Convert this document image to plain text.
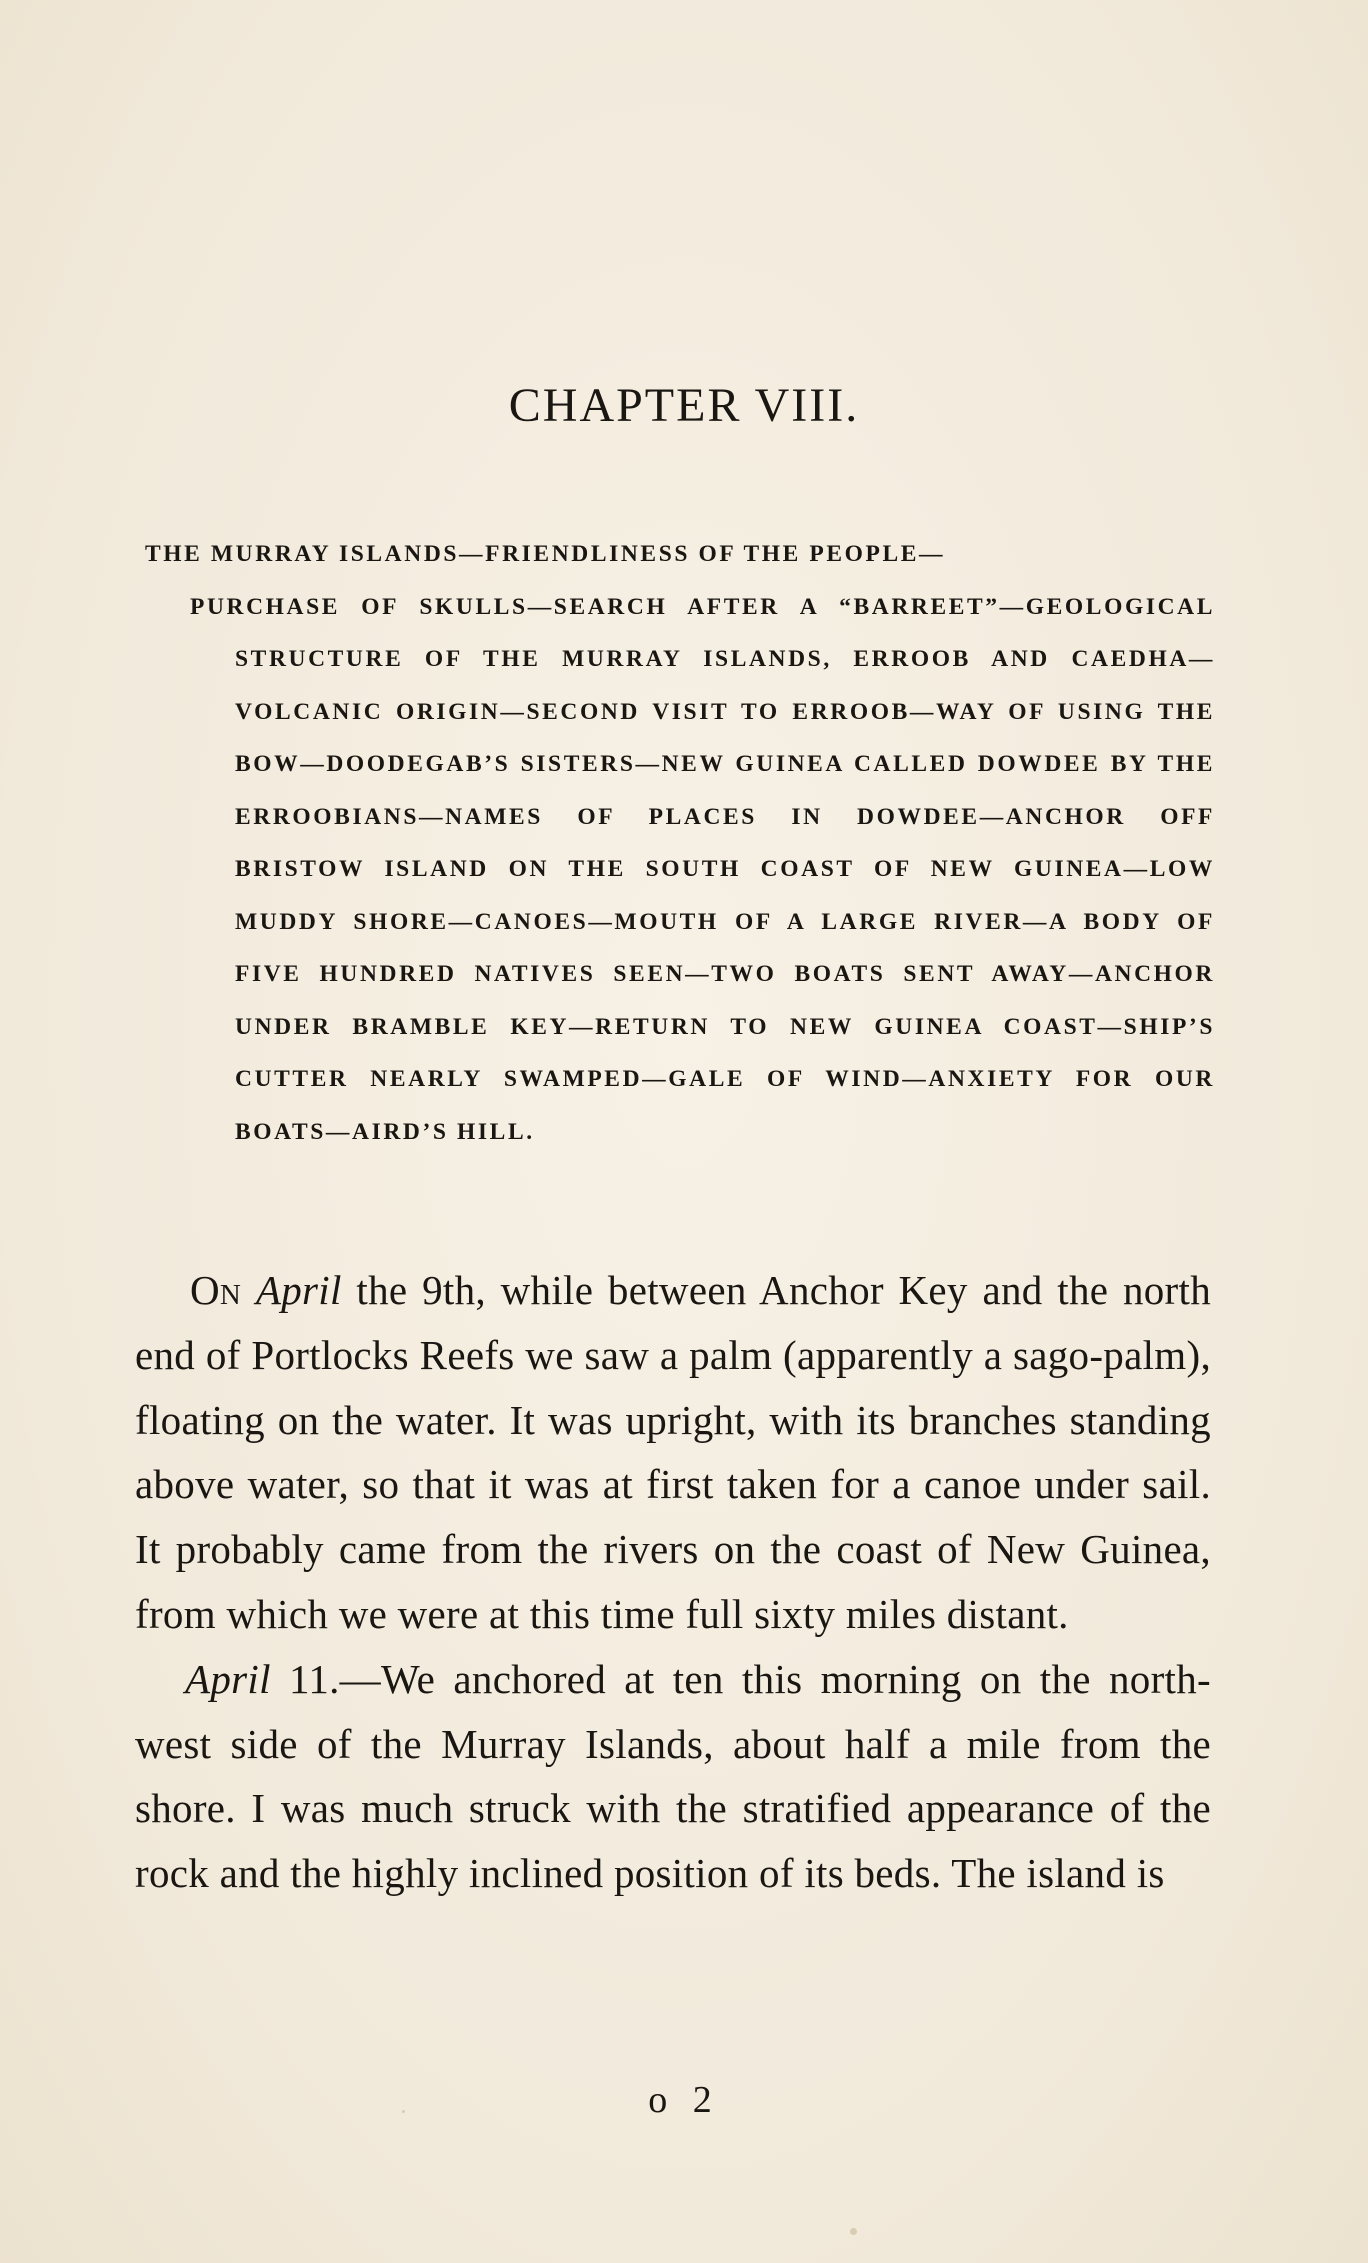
CHAPTER VIII.
THE MURRAY ISLANDS—FRIENDLINESS OF THE PEOPLE—
PURCHASE OF SKULLS—SEARCH AFTER A “BARREET”—GEOLOGICAL STRUCTURE OF THE MURRAY ISLANDS, ERROOB AND CAEDHA—VOLCANIC ORIGIN—SECOND VISIT TO ERROOB—WAY OF USING THE BOW—DOODEGAB’S SISTERS—NEW GUINEA CALLED DOWDEE BY THE ERROOBIANS—NAMES OF PLACES IN DOWDEE—ANCHOR OFF BRISTOW ISLAND ON THE SOUTH COAST OF NEW GUINEA—LOW MUDDY SHORE—CANOES—MOUTH OF A LARGE RIVER—A BODY OF FIVE HUNDRED NATIVES SEEN—TWO BOATS SENT AWAY—ANCHOR UNDER BRAMBLE KEY—RETURN TO NEW GUINEA COAST—SHIP’S CUTTER NEARLY SWAMPED—GALE OF WIND—ANXIETY FOR OUR BOATS—AIRD’S HILL.

On April the 9th, while between Anchor Key and the north end of Portlocks Reefs we saw a palm (apparently a sago-palm), floating on the water. It was upright, with its branches standing above water, so that it was at first taken for a canoe under sail. It probably came from the rivers on the coast of New Guinea, from which we were at this time full sixty miles distant.

April 11.—We anchored at ten this morning on the north-west side of the Murray Islands, about half a mile from the shore. I was much struck with the stratified appearance of the rock and the highly inclined position of its beds. The island is

o 2
